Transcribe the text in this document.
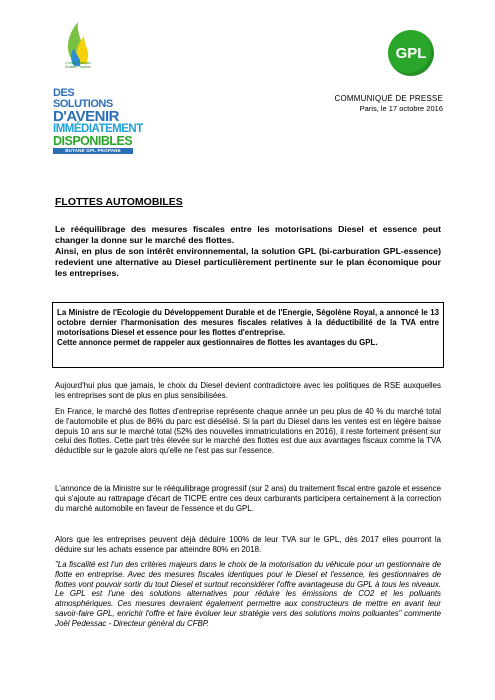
Comité Français
Butane Propane
GPL
DES SOLUTIONS
D'AVENIR
IMMÉDIATEMENT
DISPONIBLES
BUTANE GPL PROPANE
COMMUNIQUÉ DE PRESSE
Paris, le 17 octobre 2016
FLOTTES AUTOMOBILES
Le rééquilibrage des mesures fiscales entre les motorisations Diesel et essence peut changer la donne sur le marché des flottes.
Ainsi, en plus de son intérêt environnemental, la solution GPL (bi-carburation GPL-essence) redevient une alternative au Diesel particulièrement pertinente sur le plan économique pour les entreprises.
La Ministre de l'Ecologie du Développement Durable et de l'Energie, Ségolène Royal, a annoncé le 13 octobre dernier l'harmonisation des mesures fiscales relatives à la déductibilité de la TVA entre motorisations Diesel et essence pour les flottes d'entreprise.
Cette annonce permet de rappeler aux gestionnaires de flottes les avantages du GPL.
Aujourd'hui plus que jamais, le choix du Diesel devient contradictoire avec les politiques de RSE auxquelles les entreprises sont de plus en plus sensibilisées.
En France, le marché des flottes d'entreprise représente chaque année un peu plus de 40 % du marché total de l'automobile et plus de 86% du parc est diésélisé. Si la part du Diesel dans les ventes est en légère baisse depuis 10 ans sur le marché total (52% des nouvelles immatriculations en 2016), il reste fortement présent sur celui des flottes. Cette part très élevée sur le marché des flottes est due aux avantages fiscaux comme la TVA déductible sur le gazole alors qu'elle ne l'est pas sur l'essence.
L'annonce de la Ministre sur le rééquilibrage progressif (sur 2 ans) du traitement fiscal entre gazole et essence qui s'ajoute au rattrapage d'écart de TICPE entre ces deux carburants participera certainement à la correction du marché automobile en faveur de l'essence et du GPL.
Alors que les entreprises peuvent déjà déduire 100% de leur TVA sur le GPL, dès 2017 elles pourront la déduire sur les achats essence par atteindre 80% en 2018.
"La fiscalité est l'un des critères majeurs dans le choix de la motorisation du véhicule pour un gestionnaire de flotte en entreprise. Avec des mesures fiscales identiques pour le Diesel et l'essence, les gestionnaires de flottes vont pouvoir sortir du tout Diesel et surtout reconsidérer l'offre avantageuse du GPL à tous les niveaux. Le GPL est l'une des solutions alternatives pour réduire les émissions de CO2 et les polluants atmosphériques. Ces mesures devraient également permettre aux constructeurs de mettre en avant leur savoir-faire GPL, enrichir l'offre et faire évoluer leur stratégie vers des solutions moins polluantes" commente Joël Pedessac - Directeur général du CFBP.
